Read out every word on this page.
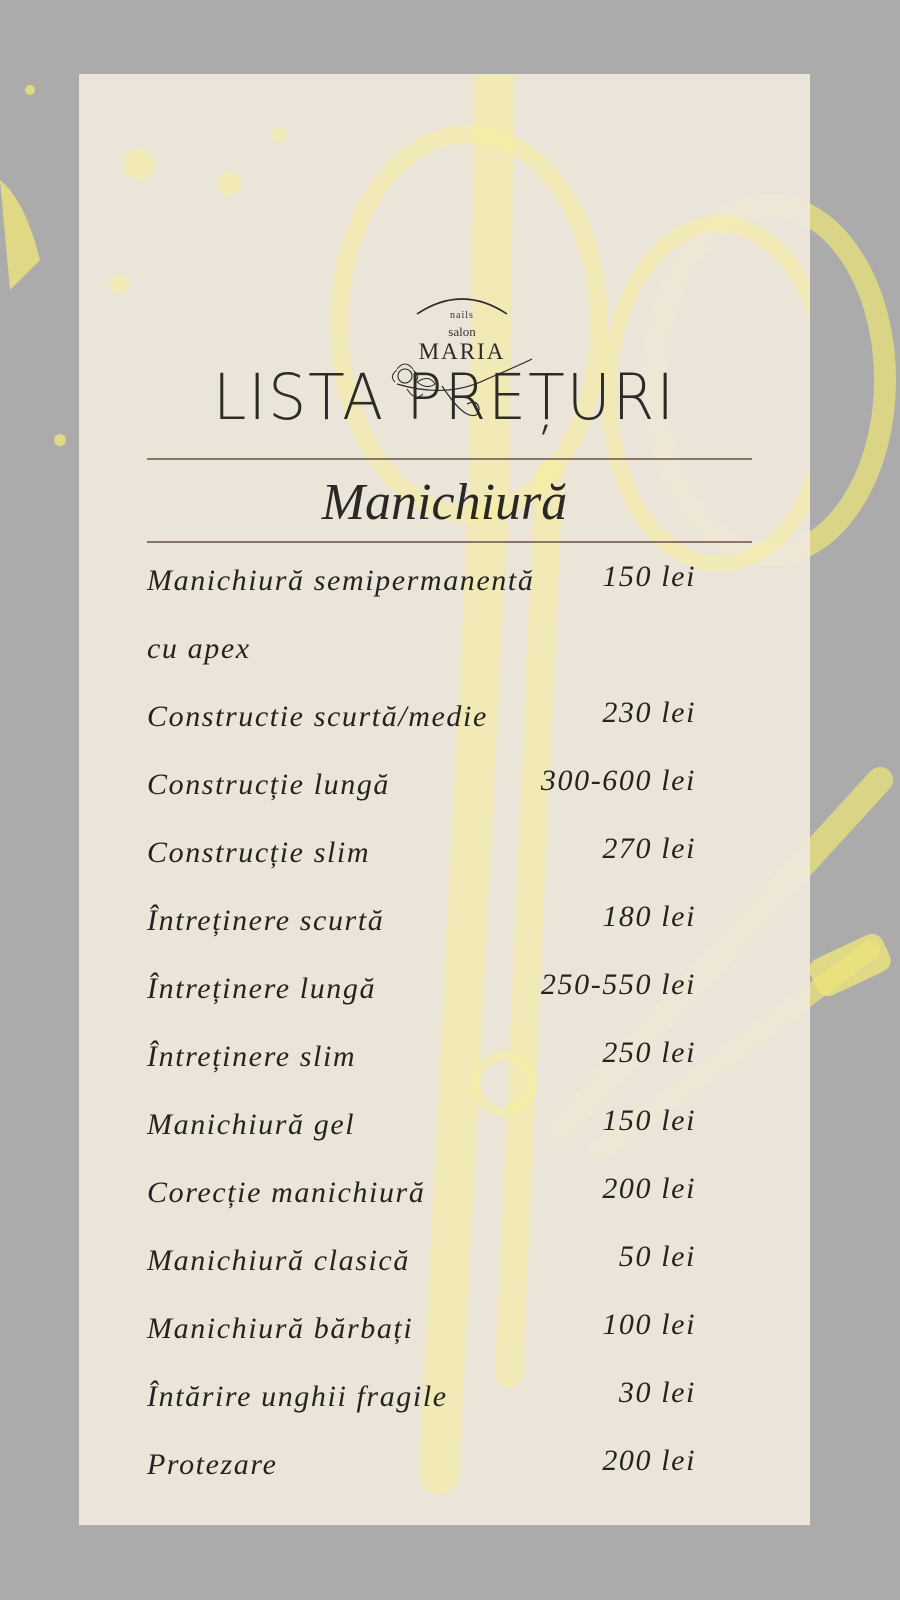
nails
salon
MARIA
LISTA PREȚURI
Manichiură
Manichiură semipermanentă 150 lei
cu apex
Constructie scurtă/medie	230 lei
Construcție lungă	300-600 lei
Construcție slim	270 lei
Întreținere scurtă	180 lei
Întreținere lungă	250-550 lei
Întreținere slim	250 lei
Manichiură gel	150 lei
Corecție manichiură	200 lei
Manichiură clasică	50 lei
Manichiură bărbați	100 lei
Întărire unghii fragile	30 lei
Protezare	200 lei
